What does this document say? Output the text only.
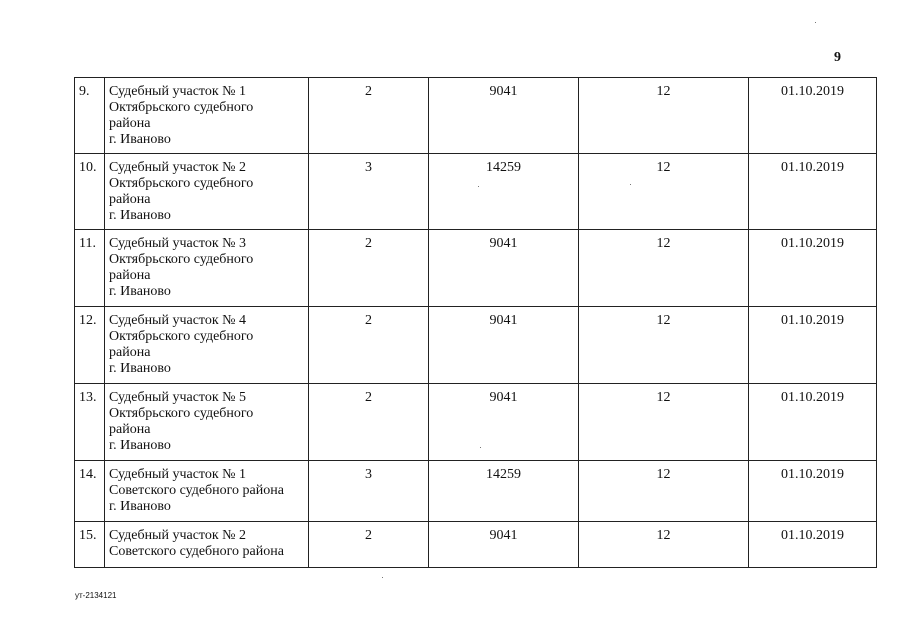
9
9.	Судебный участок № 1
Октябрьского судебного
района
г. Иваново	2	9041	12	01.10.2019
10.	Судебный участок № 2
Октябрьского судебного
района
г. Иваново	3	14259	12	01.10.2019
11.	Судебный участок № 3
Октябрьского судебного
района
г. Иваново	2	9041	12	01.10.2019
12.	Судебный участок № 4
Октябрьского судебного
района
г. Иваново	2	9041	12	01.10.2019
13.	Судебный участок № 5
Октябрьского судебного
района
г. Иваново	2	9041	12	01.10.2019
14.	Судебный участок № 1
Советского судебного района
г. Иваново	3	14259	12	01.10.2019
15.	Судебный участок № 2
Советского судебного района	2	9041	12	01.10.2019
ут-2134121
